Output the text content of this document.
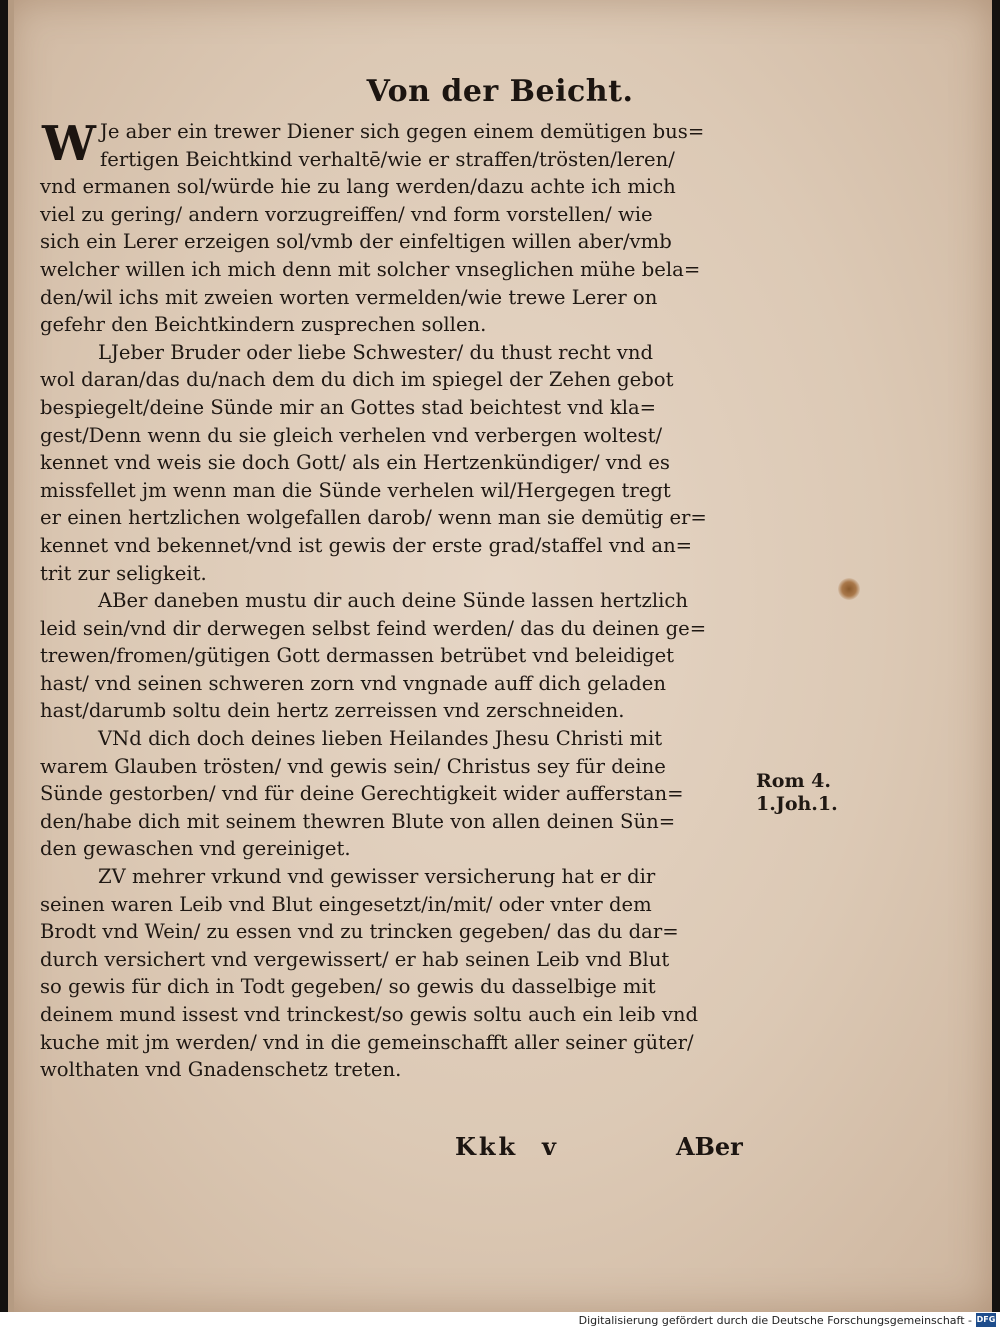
Von der Beicht.
W Je aber ein trewer Diener sich gegen einem demütigen bus=
fertigen Beichtkind verhaltē/wie er straffen/trösten/leren/
vnd ermanen sol/würde hie zu lang werden/dazu achte ich mich
viel zu gering/ andern vorzugreiffen/ vnd form vorstellen/ wie
sich ein Lerer erzeigen sol/vmb der einfeltigen willen aber/vmb
welcher willen ich mich denn mit solcher vnseglichen mühe bela=
den/wil ichs mit zweien worten vermelden/wie trewe Lerer on
gefehr den Beichtkindern zusprechen sollen.
LJeber Bruder oder liebe Schwester/ du thust recht vnd
wol daran/das du/nach dem du dich im spiegel der Zehen gebot
bespiegelt/deine Sünde mir an Gottes stad beichtest vnd kla=
gest/Denn wenn du sie gleich verhelen vnd verbergen woltest/
kennet vnd weis sie doch Gott/ als ein Hertzenkündiger/ vnd es
missfellet jm wenn man die Sünde verhelen wil/Hergegen tregt
er einen hertzlichen wolgefallen darob/ wenn man sie demütig er=
kennet vnd bekennet/vnd ist gewis der erste grad/staffel vnd an=
trit zur seligkeit.
ABer daneben mustu dir auch deine Sünde lassen hertzlich
leid sein/vnd dir derwegen selbst feind werden/ das du deinen ge=
trewen/fromen/gütigen Gott dermassen betrübet vnd beleidiget
hast/ vnd seinen schweren zorn vnd vngnade auff dich geladen
hast/darumb soltu dein hertz zerreissen vnd zerschneiden.
VNd dich doch deines lieben Heilandes Jhesu Christi mit
warem Glauben trösten/ vnd gewis sein/ Christus sey für deine
Sünde gestorben/ vnd für deine Gerechtigkeit wider aufferstan=
den/habe dich mit seinem thewren Blute von allen deinen Sün=
den gewaschen vnd gereiniget.
ZV mehrer vrkund vnd gewisser versicherung hat er dir
seinen waren Leib vnd Blut eingesetzt/in/mit/ oder vnter dem
Brodt vnd Wein/ zu essen vnd zu trincken gegeben/ das du dar=
durch versichert vnd vergewissert/ er hab seinen Leib vnd Blut
so gewis für dich in Todt gegeben/ so gewis du dasselbige mit
deinem mund issest vnd trinckest/so gewis soltu auch ein leib vnd
kuche mit jm werden/ vnd in die gemeinschafft aller seiner güter/
wolthaten vnd Gnadenschetz treten.
Rom 4.
1.Joh.1.
Kkk v	ABer
Digitalisierung gefördert durch die Deutsche Forschungsgemeinschaft - DFG
